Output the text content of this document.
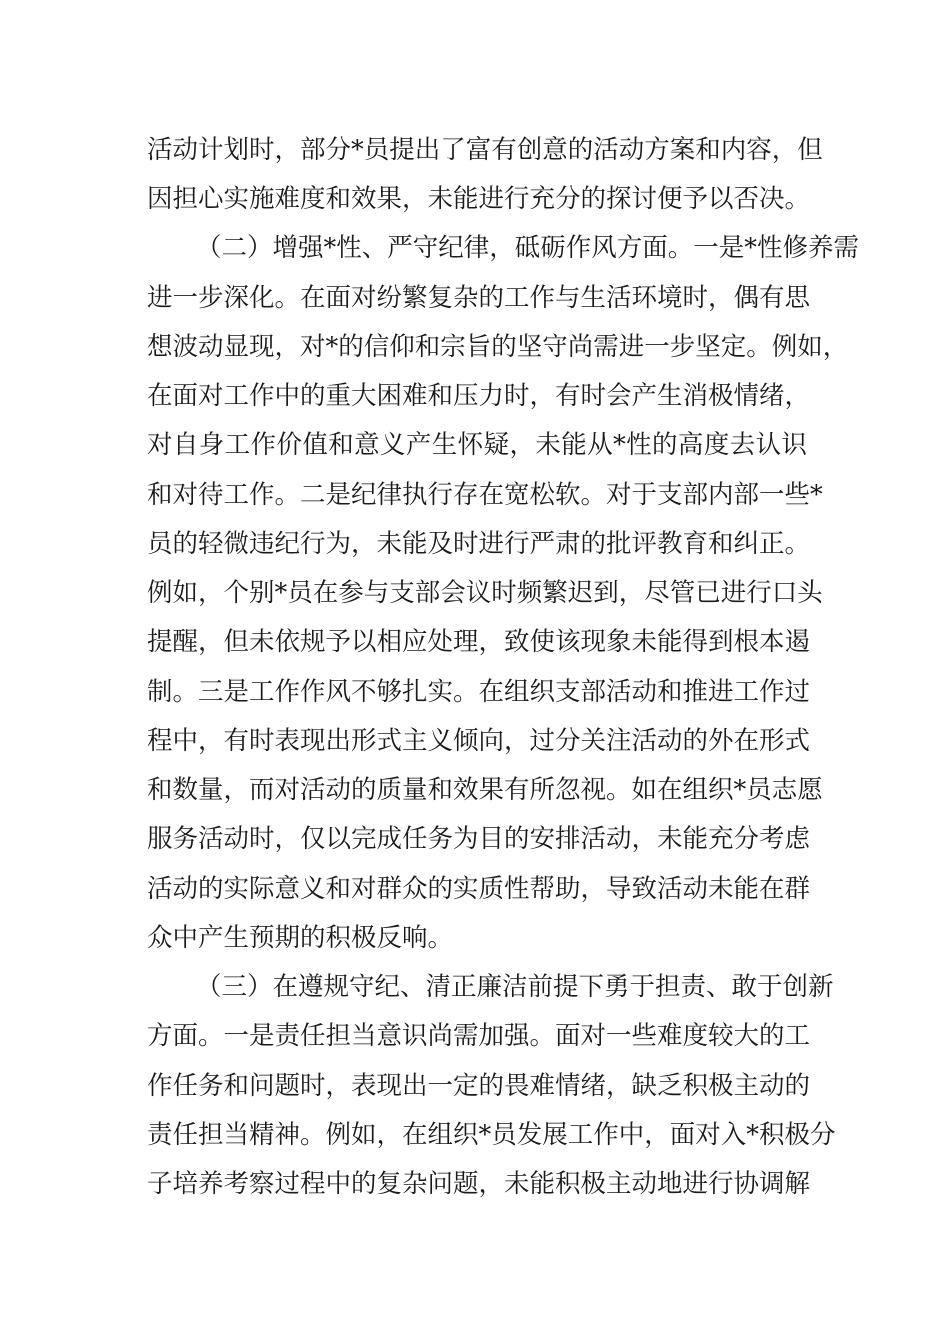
活动计划时，部分*员提出了富有创意的活动方案和内容，但
因担心实施难度和效果，未能进行充分的探讨便予以否决。
（二）增强*性、严守纪律，砥砺作风方面。一是*性修养需
进一步深化。在面对纷繁复杂的工作与生活环境时，偶有思
想波动显现，对*的信仰和宗旨的坚守尚需进一步坚定。例如，
在面对工作中的重大困难和压力时，有时会产生消极情绪，
对自身工作价值和意义产生怀疑，未能从*性的高度去认识
和对待工作。二是纪律执行存在宽松软。对于支部内部一些*
员的轻微违纪行为，未能及时进行严肃的批评教育和纠正。
例如，个别*员在参与支部会议时频繁迟到，尽管已进行口头
提醒，但未依规予以相应处理，致使该现象未能得到根本遏
制。三是工作作风不够扎实。在组织支部活动和推进工作过
程中，有时表现出形式主义倾向，过分关注活动的外在形式
和数量，而对活动的质量和效果有所忽视。如在组织*员志愿
服务活动时，仅以完成任务为目的安排活动，未能充分考虑
活动的实际意义和对群众的实质性帮助，导致活动未能在群
众中产生预期的积极反响。
（三）在遵规守纪、清正廉洁前提下勇于担责、敢于创新
方面。一是责任担当意识尚需加强。面对一些难度较大的工
作任务和问题时，表现出一定的畏难情绪，缺乏积极主动的
责任担当精神。例如，在组织*员发展工作中，面对入*积极分
子培养考察过程中的复杂问题，未能积极主动地进行协调解
